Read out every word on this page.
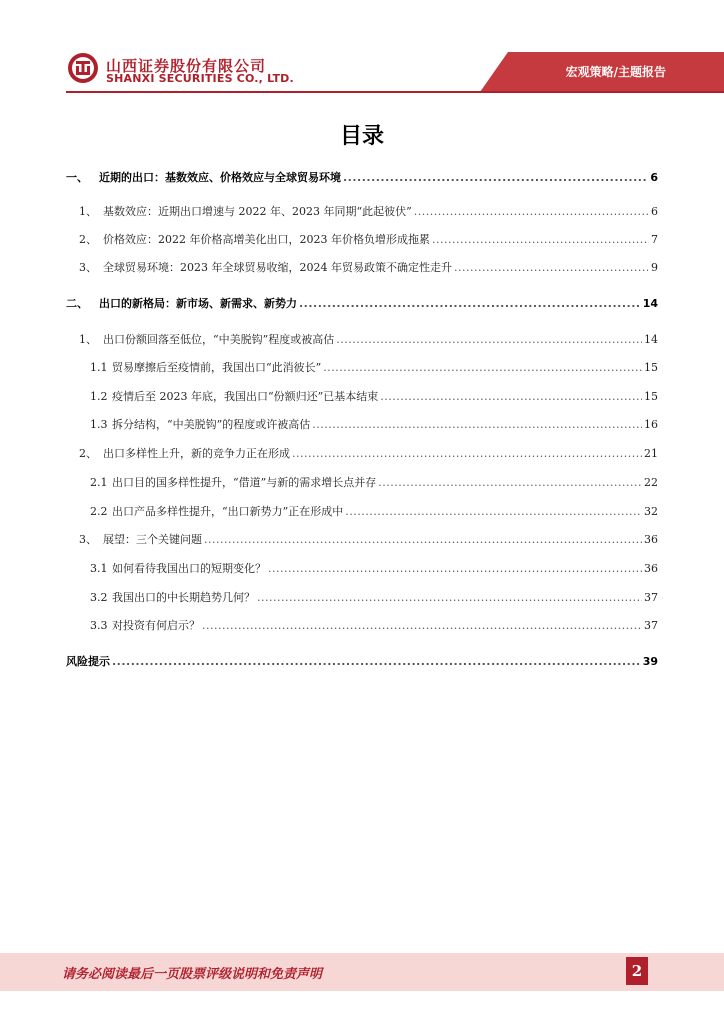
山西证券股份有限公司
SHANXI SECURITIES CO., LTD.	宏观策略/主题报告
目录
一、	近期的出口：基数效应、价格效应与全球贸易环境 .....	6
1、 基数效应：近期出口增速与 2022 年、2023 年同期“此起彼伏” .....	6
2、 价格效应：2022 年价格高增美化出口，2023 年价格负增形成拖累 .....	7
3、 全球贸易环境：2023 年全球贸易收缩，2024 年贸易政策不确定性走升 .....	9
二、	出口的新格局：新市场、新需求、新势力 .....	14
1、 出口份额回落至低位，“中美脱钩”程度或被高估 .....	14
1.1 贸易摩擦后至疫情前，我国出口“此消彼长” .....	15
1.2 疫情后至 2023 年底，我国出口“份额归还”已基本结束 .....	15
1.3 拆分结构，“中美脱钩”的程度或许被高估 .....	16
2、 出口多样性上升，新的竞争力正在形成 .....	21
2.1 出口目的国多样性提升，“借道”与新的需求增长点并存 .....	22
2.2 出口产品多样性提升，“出口新势力”正在形成中 .....	32
3、 展望：三个关键问题 .....	36
3.1 如何看待我国出口的短期变化？ .....	36
3.2 我国出口的中长期趋势几何？ .....	37
3.3 对投资有何启示？ .....	37
风险提示 .....	39
请务必阅读最后一页股票评级说明和免责声明	2
